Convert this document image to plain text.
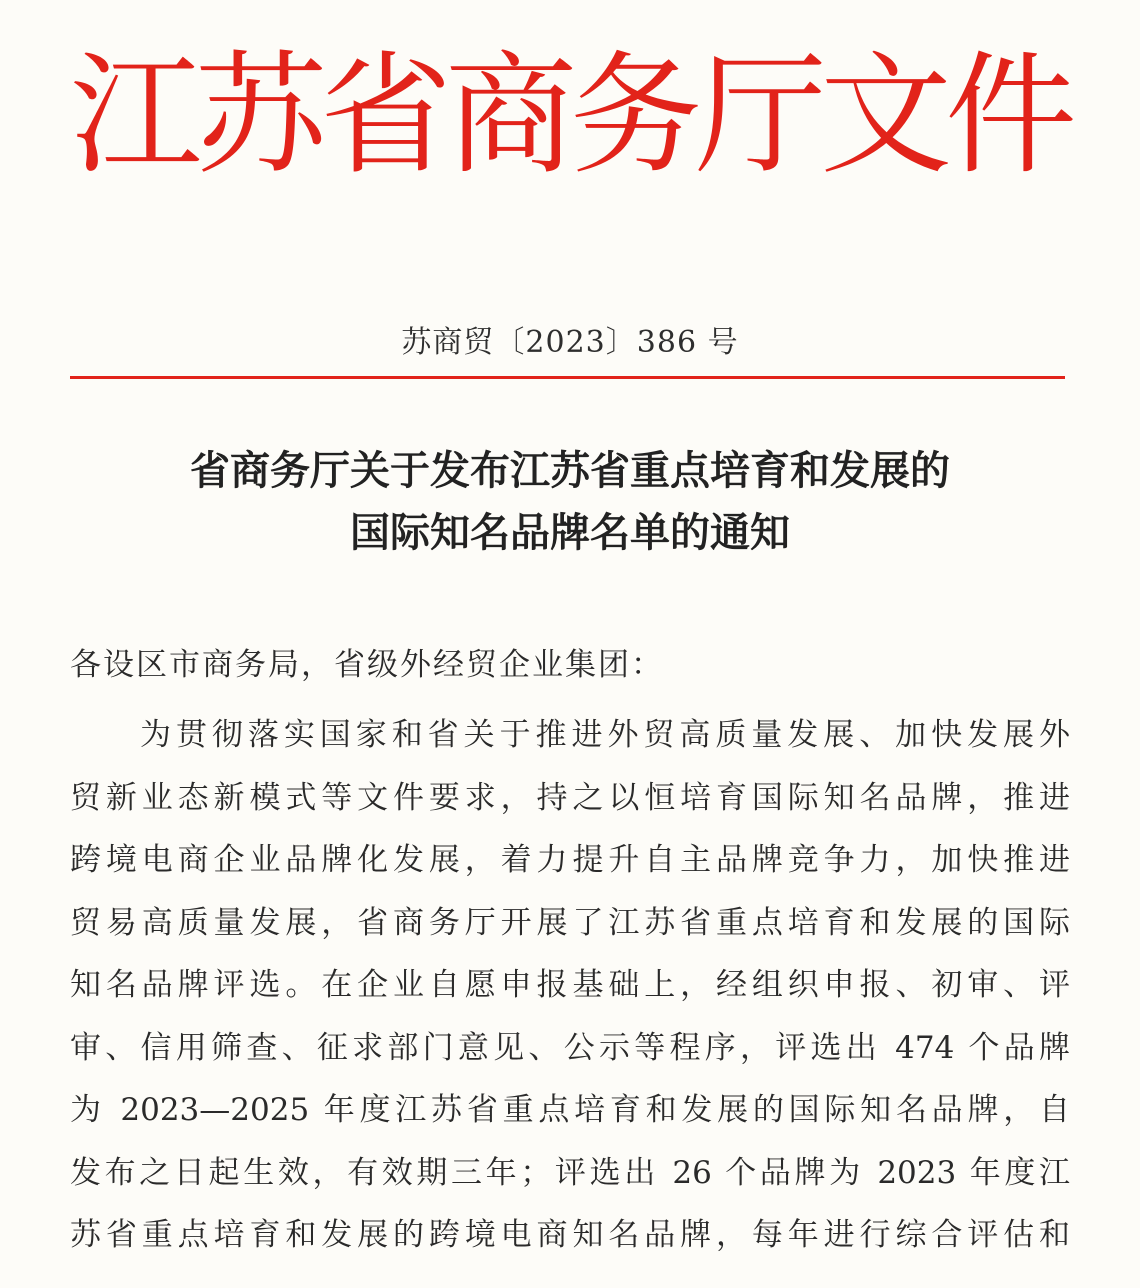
江
苏
省
商
务
厅
文
件
苏商贸〔2023〕386 号
省商务厅关于发布江苏省重点培育和发展的
国际知名品牌名单的通知
各设区市商务局，省级外经贸企业集团：
为贯彻落实国家和省关于推进外贸高质量发展、加快发展外
贸新业态新模式等文件要求，持之以恒培育国际知名品牌，推进
跨境电商企业品牌化发展，着力提升自主品牌竞争力，加快推进
贸易高质量发展，省商务厅开展了江苏省重点培育和发展的国际
知名品牌评选。在企业自愿申报基础上，经组织申报、初审、评
审、信用筛查、征求部门意见、公示等程序，评选出 474 个品牌
为 2023—2025 年度江苏省重点培育和发展的国际知名品牌，自
发布之日起生效，有效期三年；评选出 26 个品牌为 2023 年度江
苏省重点培育和发展的跨境电商知名品牌，每年进行综合评估和
